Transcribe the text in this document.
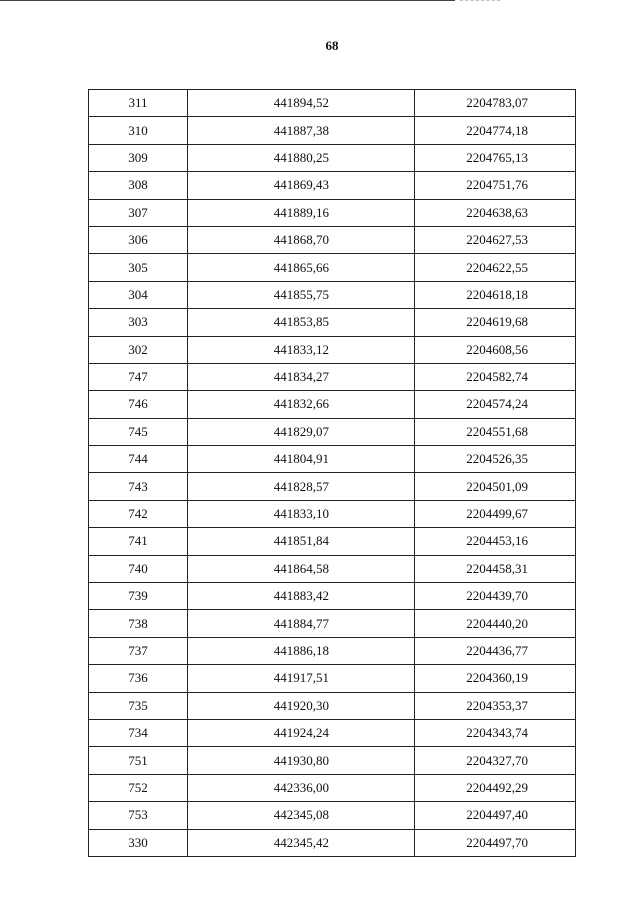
68
311	441894,52	2204783,07
310	441887,38	2204774,18
309	441880,25	2204765,13
308	441869,43	2204751,76
307	441889,16	2204638,63
306	441868,70	2204627,53
305	441865,66	2204622,55
304	441855,75	2204618,18
303	441853,85	2204619,68
302	441833,12	2204608,56
747	441834,27	2204582,74
746	441832,66	2204574,24
745	441829,07	2204551,68
744	441804,91	2204526,35
743	441828,57	2204501,09
742	441833,10	2204499,67
741	441851,84	2204453,16
740	441864,58	2204458,31
739	441883,42	2204439,70
738	441884,77	2204440,20
737	441886,18	2204436,77
736	441917,51	2204360,19
735	441920,30	2204353,37
734	441924,24	2204343,74
751	441930,80	2204327,70
752	442336,00	2204492,29
753	442345,08	2204497,40
330	442345,42	2204497,70
